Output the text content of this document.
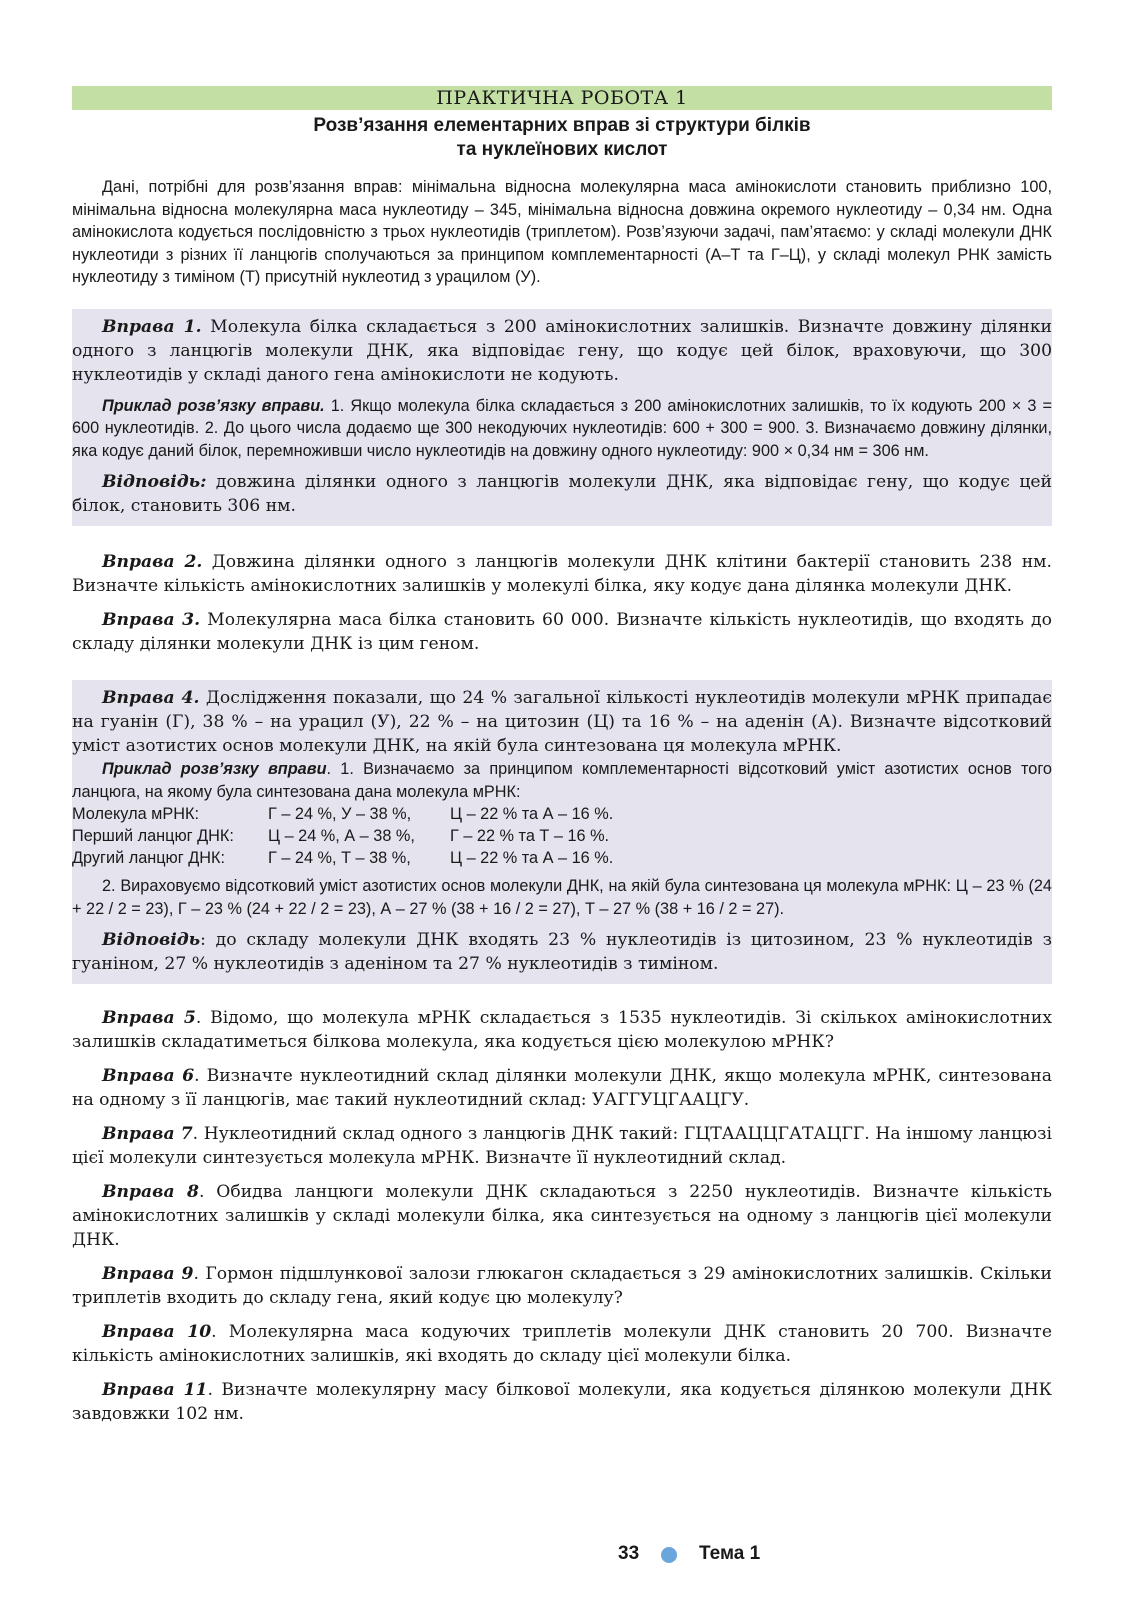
ПРАКТИЧНА РОБОТА 1
Розв’язання елементарних вправ зі структури білків
та нуклеїнових кислот

Дані, потрібні для розв’язання вправ: мінімальна відносна молекулярна маса амінокислоти становить приблизно 100, мінімальна відносна молекулярна маса нуклеотиду – 345, мінімальна відносна довжина окремого нуклеотиду – 0,34 нм. Одна амінокислота кодується послідовністю з трьох нуклеотидів (триплетом). Розв’язуючи задачі, пам’ятаємо: у складі молекули ДНК нуклеотиди з різних її ланцюгів сполучаються за принципом комплементарності (А–Т та Г–Ц), у складі молекул РНК замість нуклеотиду з тиміном (Т) присутній нуклеотид з урацилом (У).

Вправа 1. Молекула білка складається з 200 амінокислотних залишків. Визначте довжину ділянки одного з ланцюгів молекули ДНК, яка відповідає гену, що кодує цей білок, враховуючи, що 300 нуклеотидів у складі даного гена амінокислоти не кодують.

Приклад розв’язку вправи. 1. Якщо молекула білка складається з 200 амінокислотних залишків, то їх кодують 200 × 3 = 600 нуклеотидів. 2. До цього числа додаємо ще 300 некодуючих нуклеотидів: 600 + 300 = 900. 3. Визначаємо довжину ділянки, яка кодує даний білок, перемноживши число нуклеотидів на довжину одного нуклеотиду: 900 × 0,34 нм = 306 нм.

Відповідь: довжина ділянки одного з ланцюгів молекули ДНК, яка відповідає гену, що кодує цей білок, становить 306 нм.

Вправа 2. Довжина ділянки одного з ланцюгів молекули ДНК клітини бактерії становить 238 нм. Визначте кількість амінокислотних залишків у молекулі білка, яку кодує дана ділянка молекули ДНК.

Вправа 3. Молекулярна маса білка становить 60 000. Визначте кількість нуклеотидів, що входять до складу ділянки молекули ДНК із цим геном.

Вправа 4. Дослідження показали, що 24 % загальної кількості нуклеотидів молекули мРНК припадає на гуанін (Г), 38 % – на урацил (У), 22 % – на цитозин (Ц) та 16 % – на аденін (А). Визначте відсотковий уміст азотистих основ молекули ДНК, на якій була синтезована ця молекула мРНК.

Приклад розв’язку вправи. 1. Визначаємо за принципом комплементарності відсотковий уміст азотистих основ того ланцюга, на якому була синтезована дана молекула мРНК:

Молекула мРНК:	Г – 24 %, У – 38 %,	Ц – 22 % та А – 16 %.
Перший ланцюг ДНК:	Ц – 24 %, А – 38 %,	Г – 22 % та Т – 16 %.
Другий ланцюг ДНК:	Г – 24 %, Т – 38 %,	Ц – 22 % та А – 16 %.

2. Вираховуємо відсотковий уміст азотистих основ молекули ДНК, на якій була синтезована ця молекула мРНК: Ц – 23 % (24 + 22 / 2 = 23), Г – 23 % (24 + 22 / 2 = 23), А – 27 % (38 + 16 / 2 = 27), Т – 27 % (38 + 16 / 2 = 27).

Відповідь: до складу молекули ДНК входять 23 % нуклеотидів із цитозином, 23 % нуклеотидів з гуаніном, 27 % нуклеотидів з аденіном та 27 % нуклеотидів з тиміном.

Вправа 5. Відомо, що молекула мРНК складається з 1535 нуклеотидів. Зі скількох амінокислотних залишків складатиметься білкова молекула, яка кодується цією молекулою мРНК?

Вправа 6. Визначте нуклеотидний склад ділянки молекули ДНК, якщо молекула мРНК, синтезована на одному з її ланцюгів, має такий нуклеотидний склад: УАГГУЦГААЦГУ.

Вправа 7. Нуклеотидний склад одного з ланцюгів ДНК такий: ГЦТААЦЦГАТАЦГГ. На іншому ланцюзі цієї молекули синтезується молекула мРНК. Визначте її нуклеотидний склад.

Вправа 8. Обидва ланцюги молекули ДНК складаються з 2250 нуклеотидів. Визначте кількість амінокислотних залишків у складі молекули білка, яка синтезується на одному з ланцюгів цієї молекули ДНК.

Вправа 9. Гормон підшлункової залози глюкагон складається з 29 амінокислотних залишків. Скільки триплетів входить до складу гена, який кодує цю молекулу?

Вправа 10. Молекулярна маса кодуючих триплетів молекули ДНК становить 20 700. Визначте кількість амінокислотних залишків, які входять до складу цієї молекули білка.

Вправа 11. Визначте молекулярну масу білкової молекули, яка кодується ділянкою молекули ДНК завдовжки 102 нм.

33	Тема 1
